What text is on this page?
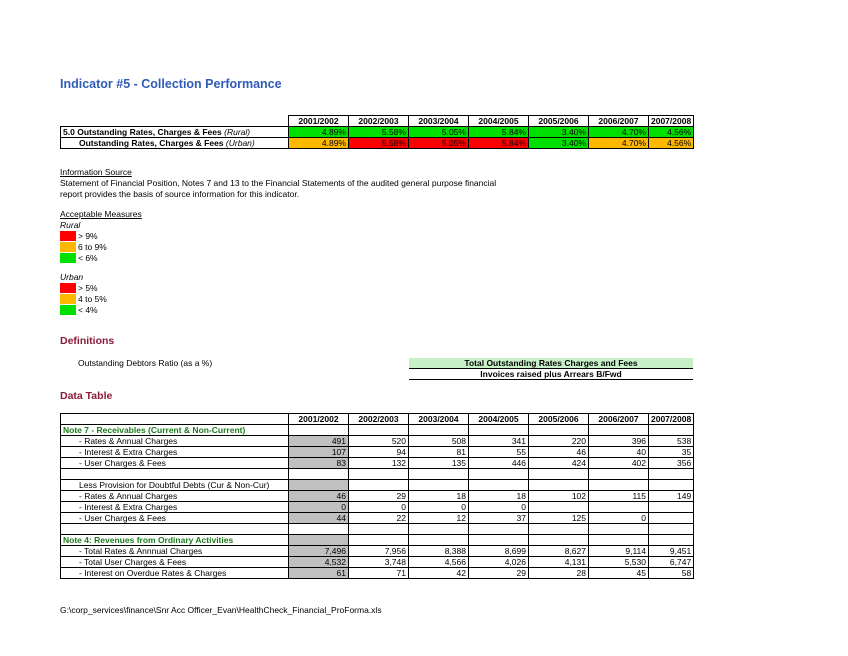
Indicator #5 - Collection Performance
	2001/2002	2002/2003	2003/2004	2004/2005	2005/2006	2006/2007	2007/2008
5.0 Outstanding Rates, Charges & Fees (Rural)	4.89%	5.58%	5.05%	5.84%	3.40%	4.70%	4.56%
Outstanding Rates, Charges & Fees (Urban)	4.89%	5.58%	5.05%	5.84%	3.40%	4.70%	4.56%
Information Source
Statement of Financial Position, Notes 7 and 13 to the Financial Statements of the audited general purpose financial
report provides the basis of source information for this indicator.
Acceptable Measures
Rural
> 9%
6 to 9%
< 6%
Urban
> 5%
4 to 5%
< 4%
Definitions
Outstanding Debtors Ratio (as a %)	Total Outstanding Rates Charges and Fees
Invoices raised plus Arrears B/Fwd
Data Table
	2001/2002	2002/2003	2003/2004	2004/2005	2005/2006	2006/2007	2007/2008
Note 7 - Receivables (Current & Non-Current)							
- Rates & Annual Charges	491	520	508	341	220	396	538
- Interest & Extra Charges	107	94	81	55	46	40	35
- User Charges & Fees	83	132	135	446	424	402	356

Less Provision for Doubtful Debts (Cur & Non-Cur)							
- Rates & Annual Charges	46	29	18	18	102	115	149
- Interest & Extra Charges	0	0	0	0			
- User Charges & Fees	44	22	12	37	125	0	

Note 4: Revenues from Ordinary Activities							
- Total Rates & Annnual Charges	7,496	7,956	8,388	8,699	8,627	9,114	9,451
- Total User Charges & Fees	4,532	3,748	4,566	4,026	4,131	5,530	6,747
- Interest on Overdue Rates & Charges	61	71	42	29	28	45	58
G:\corp_services\finance\Snr Acc Officer_Evan\HealthCheck_Financial_ProForma.xls
